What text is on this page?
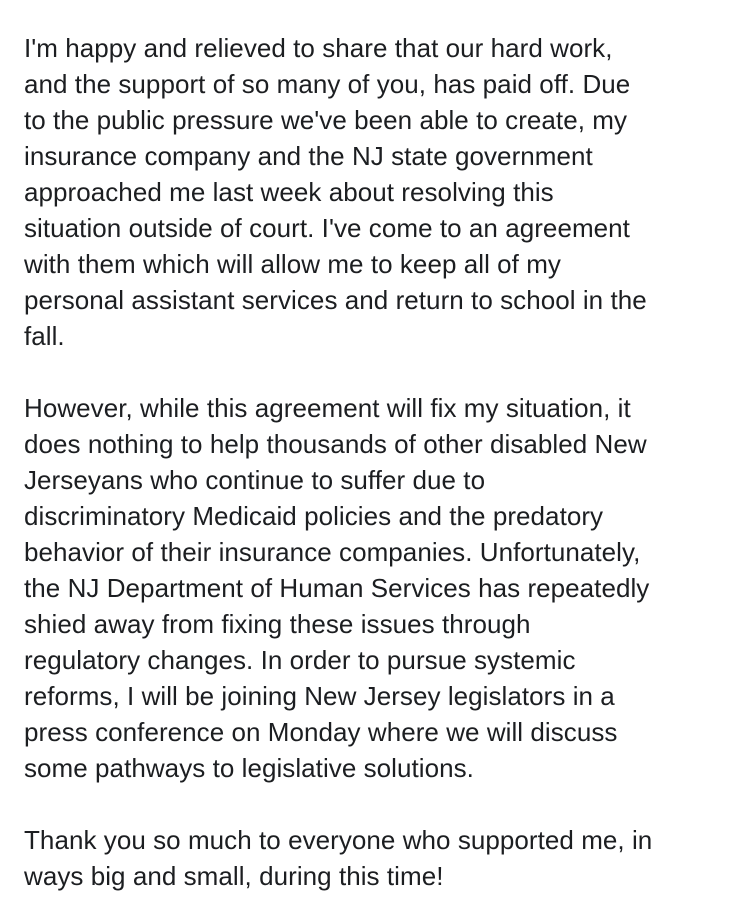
I'm happy and relieved to share that our hard work,
and the support of so many of you, has paid off. Due
to the public pressure we've been able to create, my
insurance company and the NJ state government
approached me last week about resolving this
situation outside of court. I've come to an agreement
with them which will allow me to keep all of my
personal assistant services and return to school in the
fall.

However, while this agreement will fix my situation, it
does nothing to help thousands of other disabled New
Jerseyans who continue to suffer due to
discriminatory Medicaid policies and the predatory
behavior of their insurance companies. Unfortunately,
the NJ Department of Human Services has repeatedly
shied away from fixing these issues through
regulatory changes. In order to pursue systemic
reforms, I will be joining New Jersey legislators in a
press conference on Monday where we will discuss
some pathways to legislative solutions.

Thank you so much to everyone who supported me, in
ways big and small, during this time!
